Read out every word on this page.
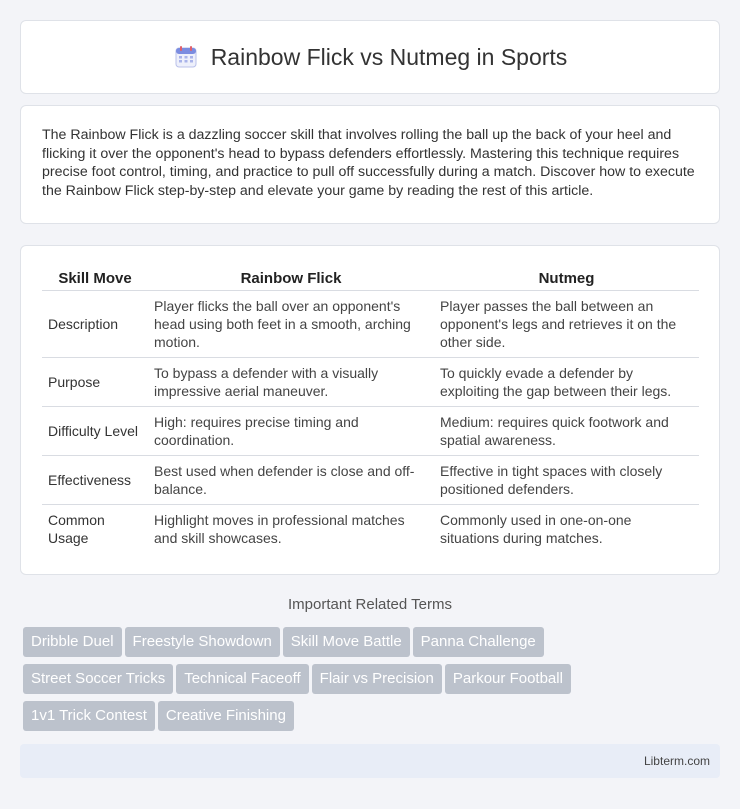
Rainbow Flick vs Nutmeg in Sports

The Rainbow Flick is a dazzling soccer skill that involves rolling the ball up the back of your heel and flicking it over the opponent's head to bypass defenders effortlessly. Mastering this technique requires precise foot control, timing, and practice to pull off successfully during a match. Discover how to execute the Rainbow Flick step-by-step and elevate your game by reading the rest of this article.

Skill Move	Rainbow Flick	Nutmeg
Description	Player flicks the ball over an opponent's head using both feet in a smooth, arching motion.	Player passes the ball between an opponent's legs and retrieves it on the other side.
Purpose	To bypass a defender with a visually impressive aerial maneuver.	To quickly evade a defender by exploiting the gap between their legs.
Difficulty Level	High: requires precise timing and coordination.	Medium: requires quick footwork and spatial awareness.
Effectiveness	Best used when defender is close and off-balance.	Effective in tight spaces with closely positioned defenders.
Common Usage	Highlight moves in professional matches and skill showcases.	Commonly used in one-on-one situations during matches.
Important Related Terms
Dribble Duel	Freestyle Showdown	Skill Move Battle	Panna Challenge
Street Soccer Tricks	Technical Faceoff	Flair vs Precision	Parkour Football
1v1 Trick Contest	Creative Finishing
Libterm.com
